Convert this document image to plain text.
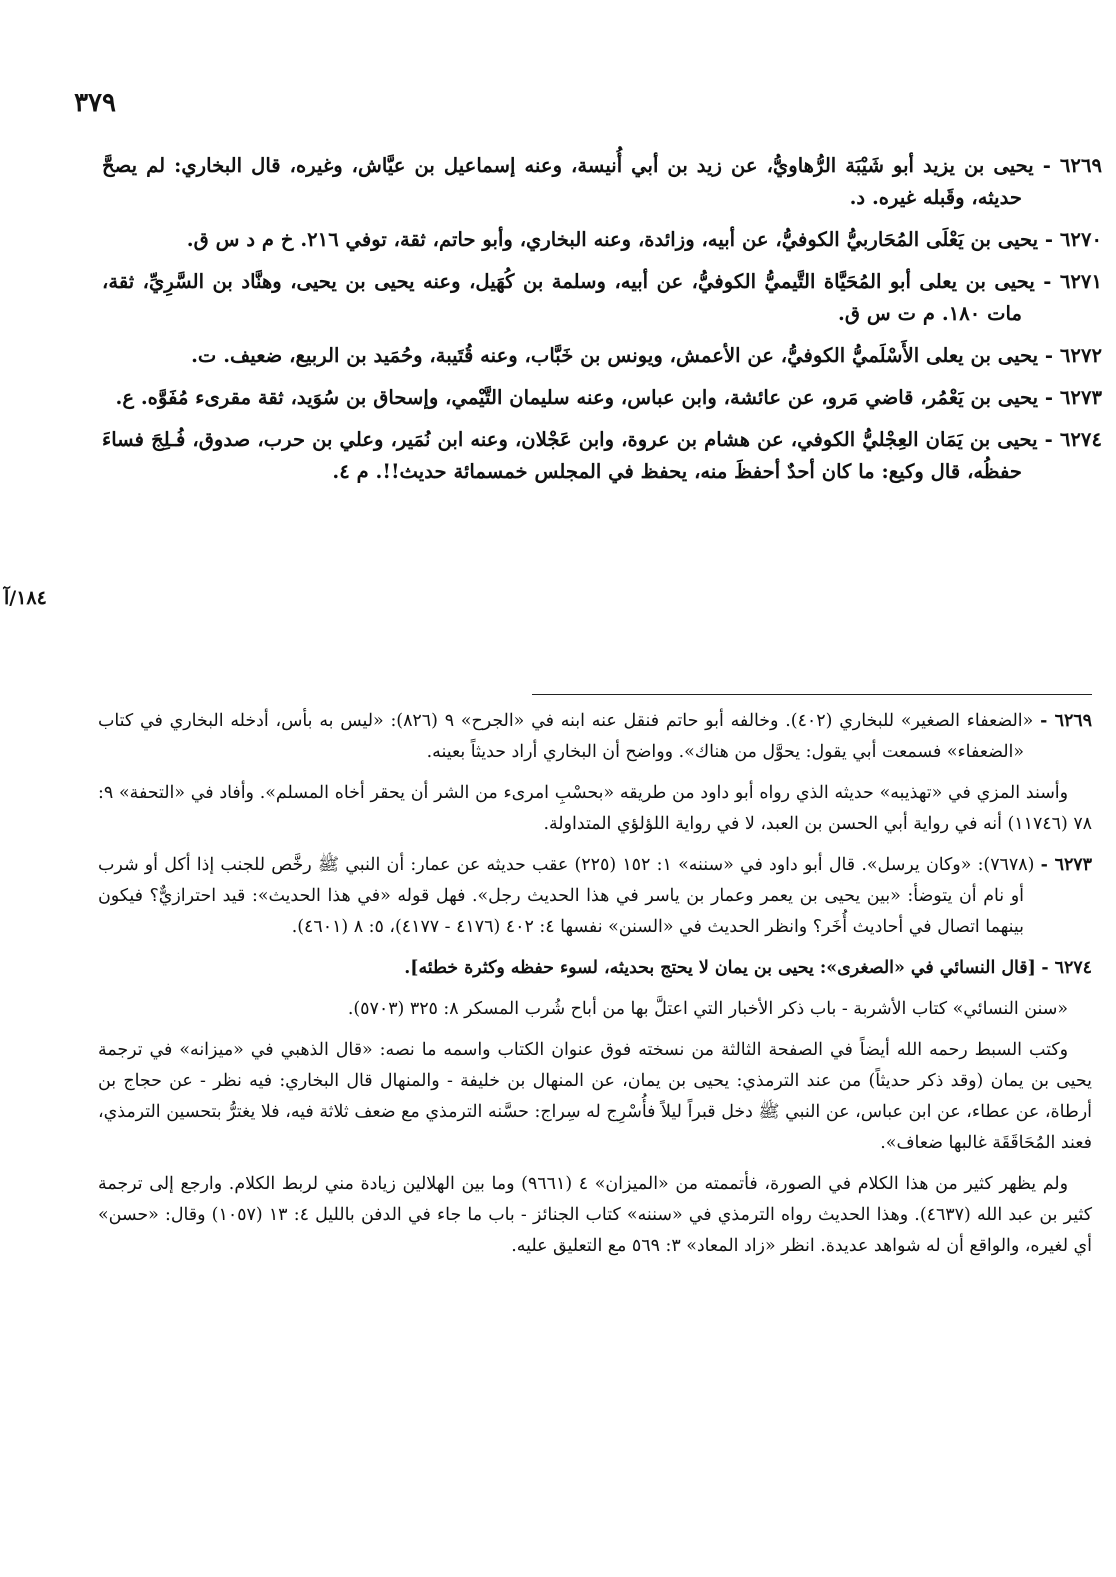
٣٧٩

٦٢٦٩ - يحيى بن يزيد أبو شَيْبَة الرُّهاويُّ، عن زيد بن أبي أُنيسة، وعنه إسماعيل بن عيَّاش، وغيره، قال البخاري: لم يصحَّ حديثه، وقَبله غيره. د.

٦٢٧٠ - يحيى بن يَعْلَى المُحَاربيُّ الكوفيُّ، عن أبيه، وزائدة، وعنه البخاري، وأبو حاتم، ثقة، توفي ٢١٦. خ م د س ق.

٦٢٧١ - يحيى بن يعلى أبو المُحَيَّاة التَّيميُّ الكوفيُّ، عن أبيه، وسلمة بن كُهَيل، وعنه يحيى بن يحيى، وهنَّاد بن السَّرِيِّ، ثقة، مات ١٨٠. م ت س ق.

٦٢٧٢ - يحيى بن يعلى الأَسْلَميُّ الكوفيُّ، عن الأعمش، ويونس بن خَبَّاب، وعنه قُتَيبة، وحُمَيد بن الربيع، ضعيف. ت.

٦٢٧٣ - يحيى بن يَعْمُر، قاضي مَرو، عن عائشة، وابن عباس، وعنه سليمان التَّيْمي، وإسحاق بن سُوَيد، ثقة مقرىء مُفَوَّه. ع.

٦٢٧٤ - يحيى بن يَمَان العِجْليُّ الكوفي، عن هشام بن عروة، وابن عَجْلان، وعنه ابن نُمَير، وعلي بن حرب، صدوق، فُـلِجَ فساءَ حفظُه، قال وكيع: ما كان أحدٌ أحفظَ منه، يحفظ في المجلس خمسمائة حديث!!. م ٤.

١٨٤/آ

٦٢٦٩ - «الضعفاء الصغير» للبخاري (٤٠٢). وخالفه أبو حاتم فنقل عنه ابنه في «الجرح» ٩ (٨٢٦): «ليس به بأس، أدخله البخاري في كتاب «الضعفاء» فسمعت أبي يقول: يحوَّل من هناك». وواضح أن البخاري أراد حديثاً بعينه.

وأسند المزي في «تهذيبه» حديثه الذي رواه أبو داود من طريقه «بحسْبِ امرىء من الشر أن يحقر أخاه المسلم». وأفاد في «التحفة» ٩: ٧٨ (١١٧٤٦) أنه في رواية أبي الحسن بن العبد، لا في رواية اللؤلؤي المتداولة.

٦٢٧٣ - (٧٦٧٨): «وكان يرسل». قال أبو داود في «سننه» ١: ١٥٢ (٢٢٥) عقب حديثه عن عمار: أن النبي ﷺ رخَّص للجنب إذا أكل أو شرب أو نام أن يتوضأ: «بين يحيى بن يعمر وعمار بن ياسر في هذا الحديث رجل». فهل قوله «في هذا الحديث»: قيد احترازيٌّ؟ فيكون بينهما اتصال في أحاديث أُخَر؟ وانظر الحديث في «السنن» نفسها ٤: ٤٠٢ (٤١٧٦ - ٤١٧٧)، ٥: ٨ (٤٦٠١).

٦٢٧٤ - [قال النسائي في «الصغرى»: يحيى بن يمان لا يحتج بحديثه، لسوء حفظه وكثرة خطئه].

«سنن النسائي» كتاب الأشربة - باب ذكر الأخبار التي اعتلَّ بها من أباح شُرب المسكر ٨: ٣٢٥ (٥٧٠٣).

وكتب السبط رحمه الله أيضاً في الصفحة الثالثة من نسخته فوق عنوان الكتاب واسمه ما نصه: «قال الذهبي في «ميزانه» في ترجمة يحيى بن يمان (وقد ذكر حديثاً) من عند الترمذي: يحيى بن يمان، عن المنهال بن خليفة - والمنهال قال البخاري: فيه نظر - عن حجاج بن أرطاة، عن عطاء، عن ابن عباس، عن النبي ﷺ دخل قبراً ليلاً فأُسْرِج له سِراج: حسَّنه الترمذي مع ضعف ثلاثة فيه، فلا يغترُّ بتحسين الترمذي، فعند المُحَاقَقَة غالبها ضعاف».

ولم يظهر كثير من هذا الكلام في الصورة، فأتممته من «الميزان» ٤ (٩٦٦١) وما بين الهلالين زيادة مني لربط الكلام. وارجع إلى ترجمة كثير بن عبد الله (٤٦٣٧). وهذا الحديث رواه الترمذي في «سننه» كتاب الجنائز - باب ما جاء في الدفن بالليل ٤: ١٣ (١٠٥٧) وقال: «حسن» أي لغيره، والواقع أن له شواهد عديدة. انظر «زاد المعاد» ٣: ٥٦٩ مع التعليق عليه.
